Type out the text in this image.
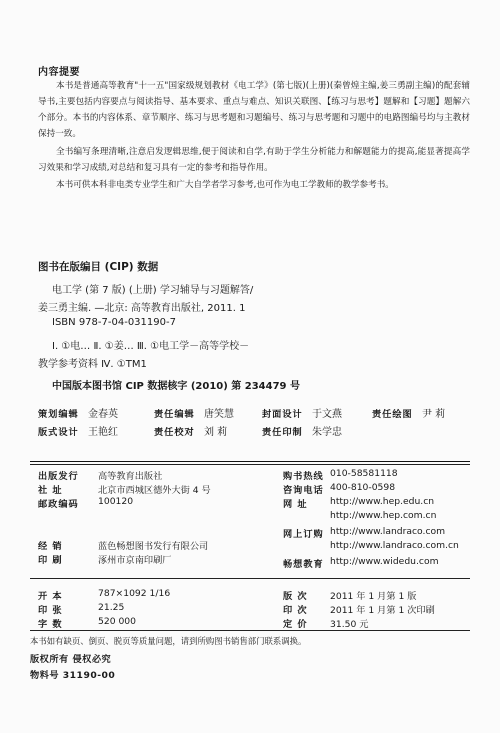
内容提要
本书是普通高等教育"十一五"国家级规划教材《电工学》(第七版)(上册)(秦曾煌主编,姜三勇副主编)的配套辅导书,主要包括内容要点与阅读指导、基本要求、重点与难点、知识关联图、【练习与思考】题解和【习题】题解六个部分。本书的内容体系、章节顺序、练习与思考题和习题编号、练习与思考题和习题中的电路图编号均与主教材保持一致。
全书编写条理清晰,注意启发逻辑思维,便于阅读和自学,有助于学生分析能力和解题能力的提高,能显著提高学习效果和学习成绩,对总结和复习具有一定的参考和指导作用。
本书可供本科非电类专业学生和广大自学者学习参考,也可作为电工学教师的教学参考书。
图书在版编目 (CIP) 数据
电工学 (第 7 版) (上册) 学习辅导与习题解答/
姜三勇主编. —北京: 高等教育出版社, 2011. 1
ISBN 978-7-04-031190-7
Ⅰ. ①电… Ⅱ. ①姜… Ⅲ. ①电工学－高等学校－
教学参考资料 Ⅳ. ①TM1
中国版本图书馆 CIP 数据核字 (2010) 第 234479 号
策划编辑 金春英	责任编辑 唐笑慧	封面设计 于文燕	责任绘图 尹 莉
版式设计 王艳红	责任校对 刘 莉	责任印制 朱学忠
出版发行 高等教育出版社
社 址	北京市西城区德外大街 4 号
邮政编码 100120
购书热线 010-58581118
咨询电话 400-810-0598
网 址 http://www.hep.edu.cn
http://www.hep.com.cn
网上订购 http://www.landraco.com
http://www.landraco.com.cn
畅想教育 http://www.widedu.com
经 销	蓝色畅想图书发行有限公司
印 刷	涿州市京南印刷厂
开 本	787×1092 1/16
印 张	21.25
字 数	520 000
版 次 2011 年 1 月第 1 版
印 次 2011 年 1 月第 1 次印刷
定 价 31.50 元
本书如有缺页、倒页、脱页等质量问题，请到所购图书销售部门联系调换。
版权所有 侵权必究
物料号 31190-00
